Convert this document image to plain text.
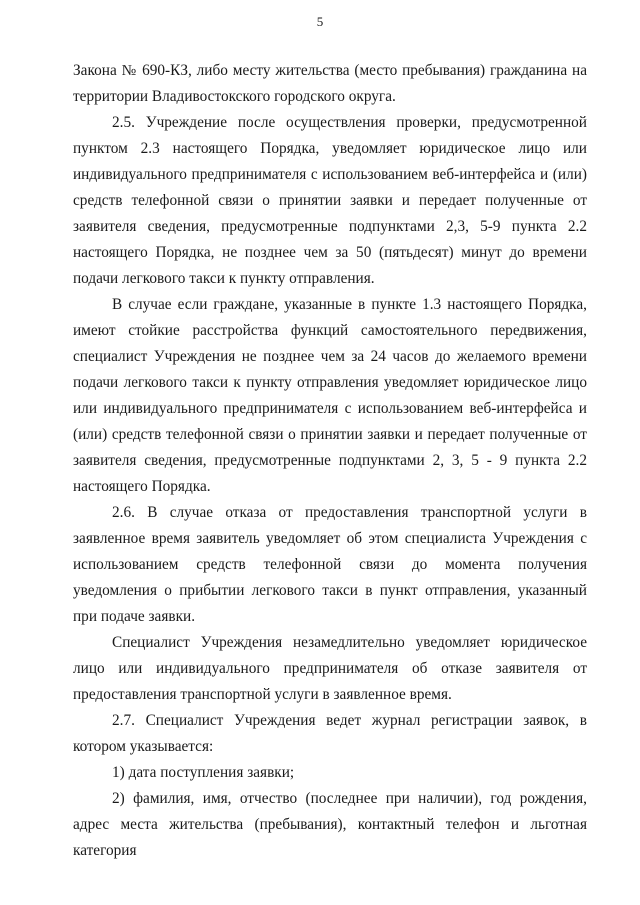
5

Закона № 690-КЗ, либо месту жительства (место пребывания) гражданина на территории Владивостокского городского округа.

2.5. Учреждение после осуществления проверки, предусмотренной пунктом 2.3 настоящего Порядка, уведомляет юридическое лицо или индивидуального предпринимателя с использованием веб-интерфейса и (или) средств телефонной связи о принятии заявки и передает полученные от заявителя сведения, предусмотренные подпунктами 2,3, 5-9 пункта 2.2 настоящего Порядка, не позднее чем за 50 (пятьдесят) минут до времени подачи легкового такси к пункту отправления.

В случае если граждане, указанные в пункте 1.3 настоящего Порядка, имеют стойкие расстройства функций самостоятельного передвижения, специалист Учреждения не позднее чем за 24 часов до желаемого времени подачи легкового такси к пункту отправления уведомляет юридическое лицо или индивидуального предпринимателя с использованием веб-интерфейса и (или) средств телефонной связи о принятии заявки и передает полученные от заявителя сведения, предусмотренные подпунктами 2, 3, 5 - 9 пункта 2.2 настоящего Порядка.

2.6. В случае отказа от предоставления транспортной услуги в заявленное время заявитель уведомляет об этом специалиста Учреждения с использованием средств телефонной связи до момента получения уведомления о прибытии легкового такси в пункт отправления, указанный при подаче заявки.

Специалист Учреждения незамедлительно уведомляет юридическое лицо или индивидуального предпринимателя об отказе заявителя от предоставления транспортной услуги в заявленное время.

2.7. Специалист Учреждения ведет журнал регистрации заявок, в котором указывается:

1) дата поступления заявки;

2) фамилия, имя, отчество (последнее при наличии), год рождения, адрес места жительства (пребывания), контактный телефон и льготная категория
